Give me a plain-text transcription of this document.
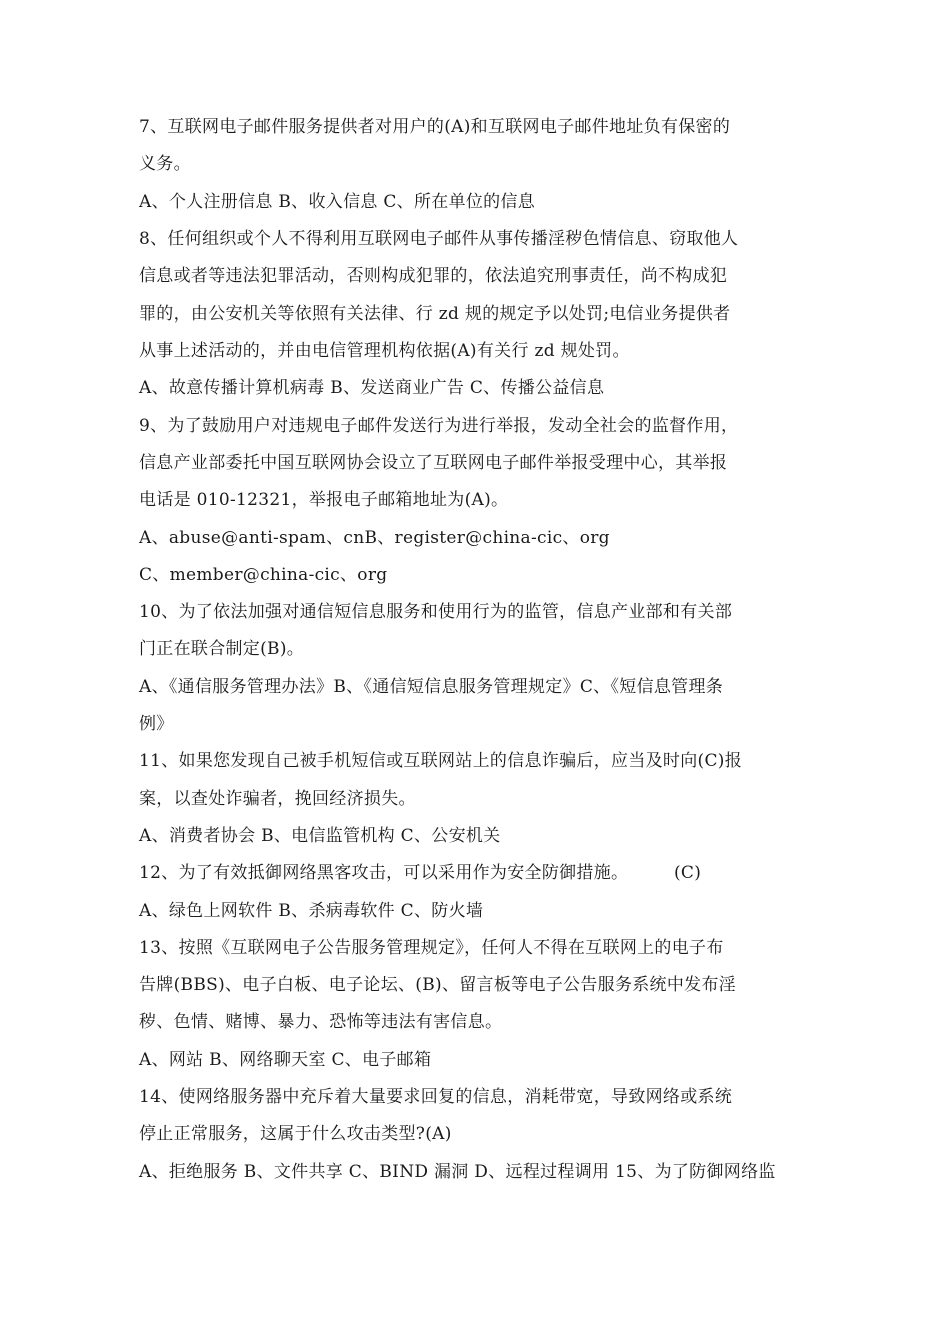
7、互联网电子邮件服务提供者对用户的(A)和互联网电子邮件地址负有保密的
义务。
A、个人注册信息 B、收入信息 C、所在单位的信息
8、任何组织或个人不得利用互联网电子邮件从事传播淫秽色情信息、窃取他人
信息或者等违法犯罪活动，否则构成犯罪的，依法追究刑事责任，尚不构成犯
罪的，由公安机关等依照有关法律、行 zd 规的规定予以处罚;电信业务提供者
从事上述活动的，并由电信管理机构依据(A)有关行 zd 规处罚。
A、故意传播计算机病毒 B、发送商业广告 C、传播公益信息
9、为了鼓励用户对违规电子邮件发送行为进行举报，发动全社会的监督作用，
信息产业部委托中国互联网协会设立了互联网电子邮件举报受理中心，其举报
电话是 010-12321，举报电子邮箱地址为(A)。
A、abuse@anti-spam、cnB、register@china-cic、org
C、member@china-cic、org
10、为了依法加强对通信短信息服务和使用行为的监管，信息产业部和有关部
门正在联合制定(B)。
A、《通信服务管理办法》B、《通信短信息服务管理规定》C、《短信息管理条
例》
11、如果您发现自己被手机短信或互联网站上的信息诈骗后，应当及时向(C)报
案，以查处诈骗者，挽回经济损失。
A、消费者协会 B、电信监管机构 C、公安机关
12、为了有效抵御网络黑客攻击，可以采用作为安全防御措施。        (C)
A、绿色上网软件 B、杀病毒软件 C、防火墙
13、按照《互联网电子公告服务管理规定》，任何人不得在互联网上的电子布
告牌(BBS)、电子白板、电子论坛、(B)、留言板等电子公告服务系统中发布淫
秽、色情、赌博、暴力、恐怖等违法有害信息。
A、网站 B、网络聊天室 C、电子邮箱
14、使网络服务器中充斥着大量要求回复的信息，消耗带宽，导致网络或系统
停止正常服务，这属于什么攻击类型?(A)
A、拒绝服务 B、文件共享 C、BIND 漏洞 D、远程过程调用 15、为了防御网络监
